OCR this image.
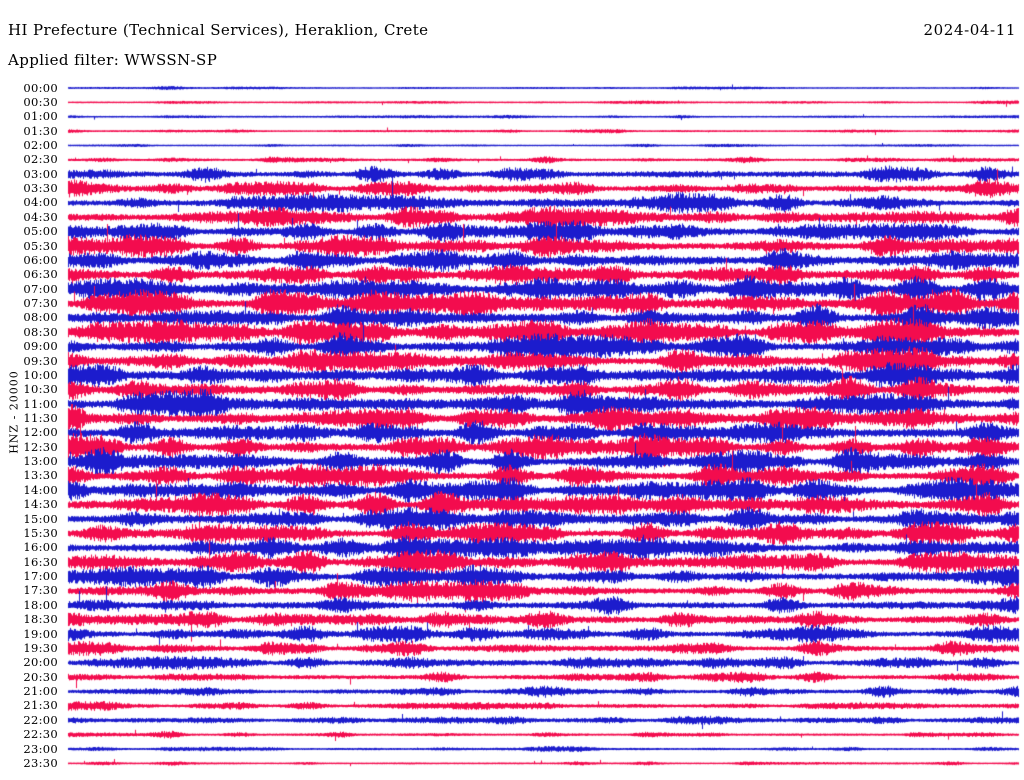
00:00
00:30
01:00
01:30
02:00
02:30
03:00
03:30
04:00
04:30
05:00
05:30
06:00
06:30
07:00
07:30
08:00
08:30
09:00
09:30
10:00
10:30
11:00
11:30
12:00
12:30
13:00
13:30
14:00
14:30
15:00
15:30
16:00
16:30
17:00
17:30
18:00
18:30
19:00
19:30
20:00
20:30
21:00
21:30
22:00
22:30
23:00
23:30
